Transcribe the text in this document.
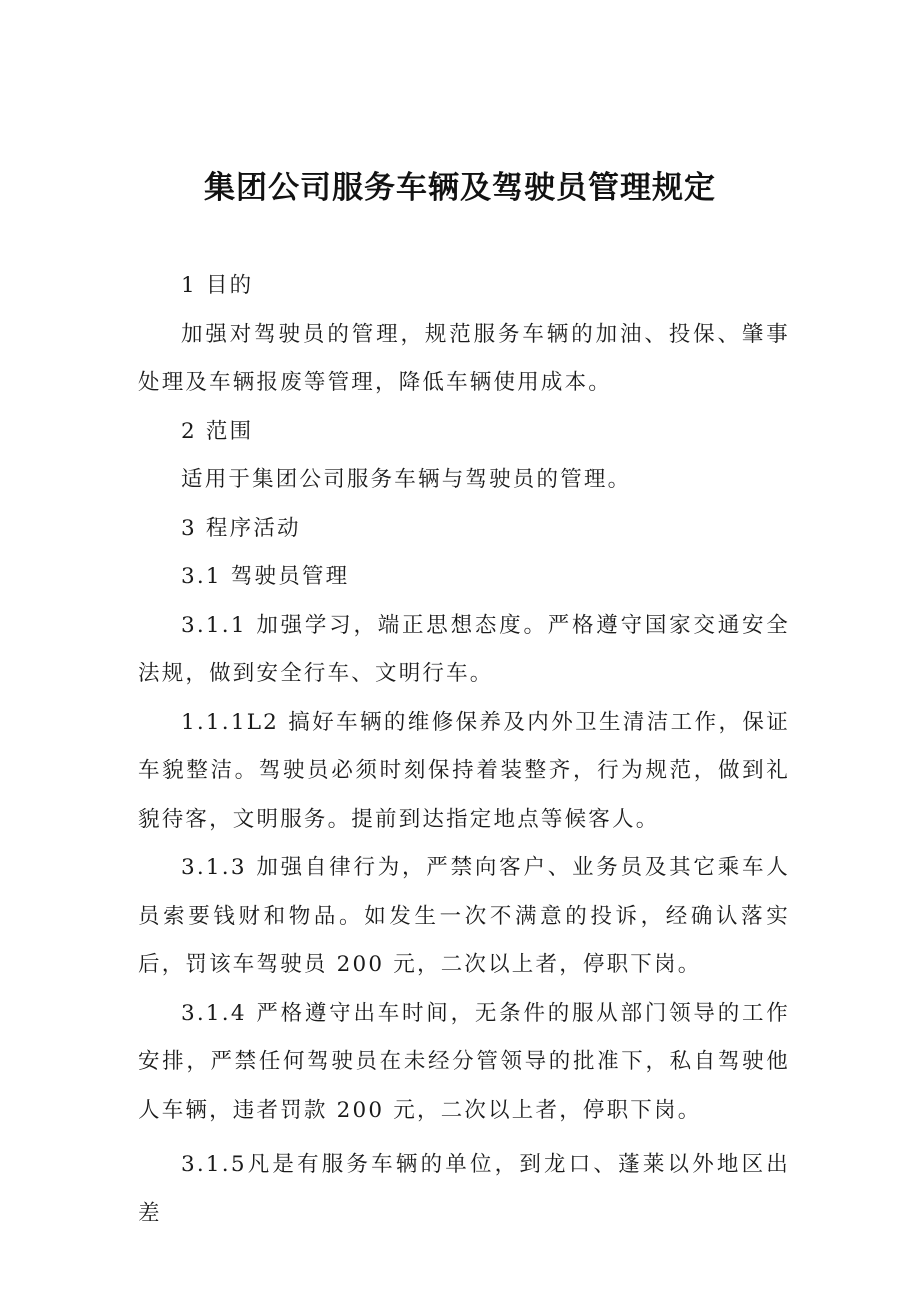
集团公司服务车辆及驾驶员管理规定

1 目的

加强对驾驶员的管理，规范服务车辆的加油、投保、肇事处理及车辆报废等管理，降低车辆使用成本。

2 范围

适用于集团公司服务车辆与驾驶员的管理。

3 程序活动

3.1 驾驶员管理

3.1.1 加强学习，端正思想态度。严格遵守国家交通安全法规，做到安全行车、文明行车。

1.1.1L2 搞好车辆的维修保养及内外卫生清洁工作，保证车貌整洁。驾驶员必须时刻保持着装整齐，行为规范，做到礼貌待客，文明服务。提前到达指定地点等候客人。

3.1.3 加强自律行为，严禁向客户、业务员及其它乘车人员索要钱财和物品。如发生一次不满意的投诉，经确认落实后，罚该车驾驶员 200 元，二次以上者，停职下岗。

3.1.4 严格遵守出车时间，无条件的服从部门领导的工作安排，严禁任何驾驶员在未经分管领导的批准下，私自驾驶他人车辆，违者罚款 200 元，二次以上者，停职下岗。

3.1.5凡是有服务车辆的单位，到龙口、蓬莱以外地区出差
